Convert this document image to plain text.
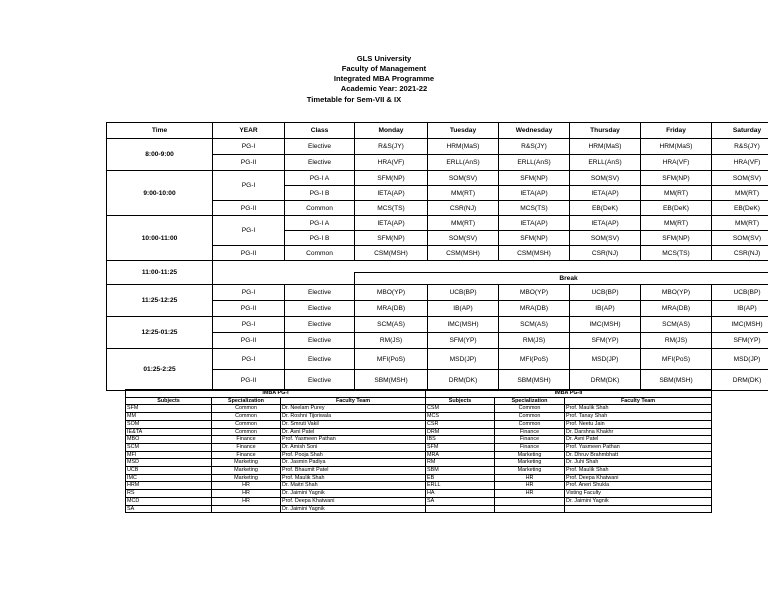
GLS University
Faculty of Management
Integrated MBA Programme
Academic Year: 2021-22
Timetable for Sem-VII & IX
Time	YEAR	Class	Monday	Tuesday	Wednesday	Thursday	Friday	Saturday
8:00-9:00	PG-I	Elective	R&S(JY)	HRM(MaS)	R&S(JY)	HRM(MaS)	HRM(MaS)	R&S(JY)
	PG-II	Elective	HRA(VF)	ERLL(AnS)	ERLL(AnS)	ERLL(AnS)	HRA(VF)	HRA(VF)
9:00-10:00	PG-I	PG-I A	SFM(NP)	SOM(SV)	SFM(NP)	SOM(SV)	SFM(NP)	SOM(SV)
		PG-I B	IETA(AP)	MM(RT)	IETA(AP)	IETA(AP)	MM(RT)	MM(RT)
	PG-II	Common	MCS(TS)	CSR(NJ)	MCS(TS)	EB(DeK)	EB(DeK)	EB(DeK)
10:00-11:00	PG-I	PG-I A	IETA(AP)	MM(RT)	IETA(AP)	IETA(AP)	MM(RT)	MM(RT)
		PG-I B	SFM(NP)	SOM(SV)	SFM(NP)	SOM(SV)	SFM(NP)	SOM(SV)
	PG-II	Common	CSM(MSH)	CSM(MSH)	CSM(MSH)	CSR(NJ)	MCS(TS)	CSR(NJ)
11:00-11:25								
			Break					
11:25-12:25	PG-I	Elective	MBO(YP)	UCB(BP)	MBO(YP)	UCB(BP)	MBO(YP)	UCB(BP)
	PG-II	Elective	MRA(DB)	IB(AP)	MRA(DB)	IB(AP)	MRA(DB)	IB(AP)
12:25-01:25	PG-I	Elective	SCM(AS)	IMC(MSH)	SCM(AS)	IMC(MSH)	SCM(AS)	IMC(MSH)
	PG-II	Elective	RM(JS)	SFM(YP)	RM(JS)	SFM(YP)	RM(JS)	SFM(YP)
01:25-2:25	PG-I	Elective	MFI(PoS)	MSD(JP)	MFI(PoS)	MSD(JP)	MFI(PoS)	MSD(JP)
	PG-II	Elective	SBM(MSH)	DRM(DK)	SBM(MSH)	DRM(DK)	SBM(MSH)	DRM(DK)
IMBA PG-I			IMBA PG-II		
Subjects	Specialization	Faculty Team	Subjects	Specialization	Faculty Team
SFM	Common	Dr. Neelam Purey	CSM	Common	Prof. Maulik Shah
MM	Common	Dr. Roshni Tijoriwala	MCS	Common	Prof. Tanay Shah
SOM	Common	Dr. Smruti Vakil	CSR	Common	Prof. Neetu Jain
IE&TA	Common	Dr. Avni Patel	DRM	Finance	Dr. Darshna Khakhr
MBO	Finance	Prof. Yasmeen Pathan	IBS	Finance	Dr. Avni Patel
SCM	Finance	Dr. Amish Soni	SFM	Finance	Prof. Yasmeen Pathan
MFI	Finance	Prof. Pooja Shah	MRA	Marketing	Dr. Dhruv Brahmbhatt
MSD	Marketing	Dr. Jasmin Padiya	RM	Marketing	Dr. Juhi Shah
UCB	Marketing	Prof. Bhaumit Patel	SBM	Marketing	Prof. Maulik Shah
IMC	Marketing	Prof. Maulik Shah	EB	HR	Prof. Deepa Khatwani
HRM	HR	Dr. Maitri Shah	ERLL	HR	Prof. Aneri Shukla
RS	HR	Dr. Jaimini Yagnik	HA	HR	Visting Faculty
MCD	HR	Prof. Deepa Khatwani	SA		Dr. Jaimini Yagnik
SA		Dr. Jaimini Yagnik			
